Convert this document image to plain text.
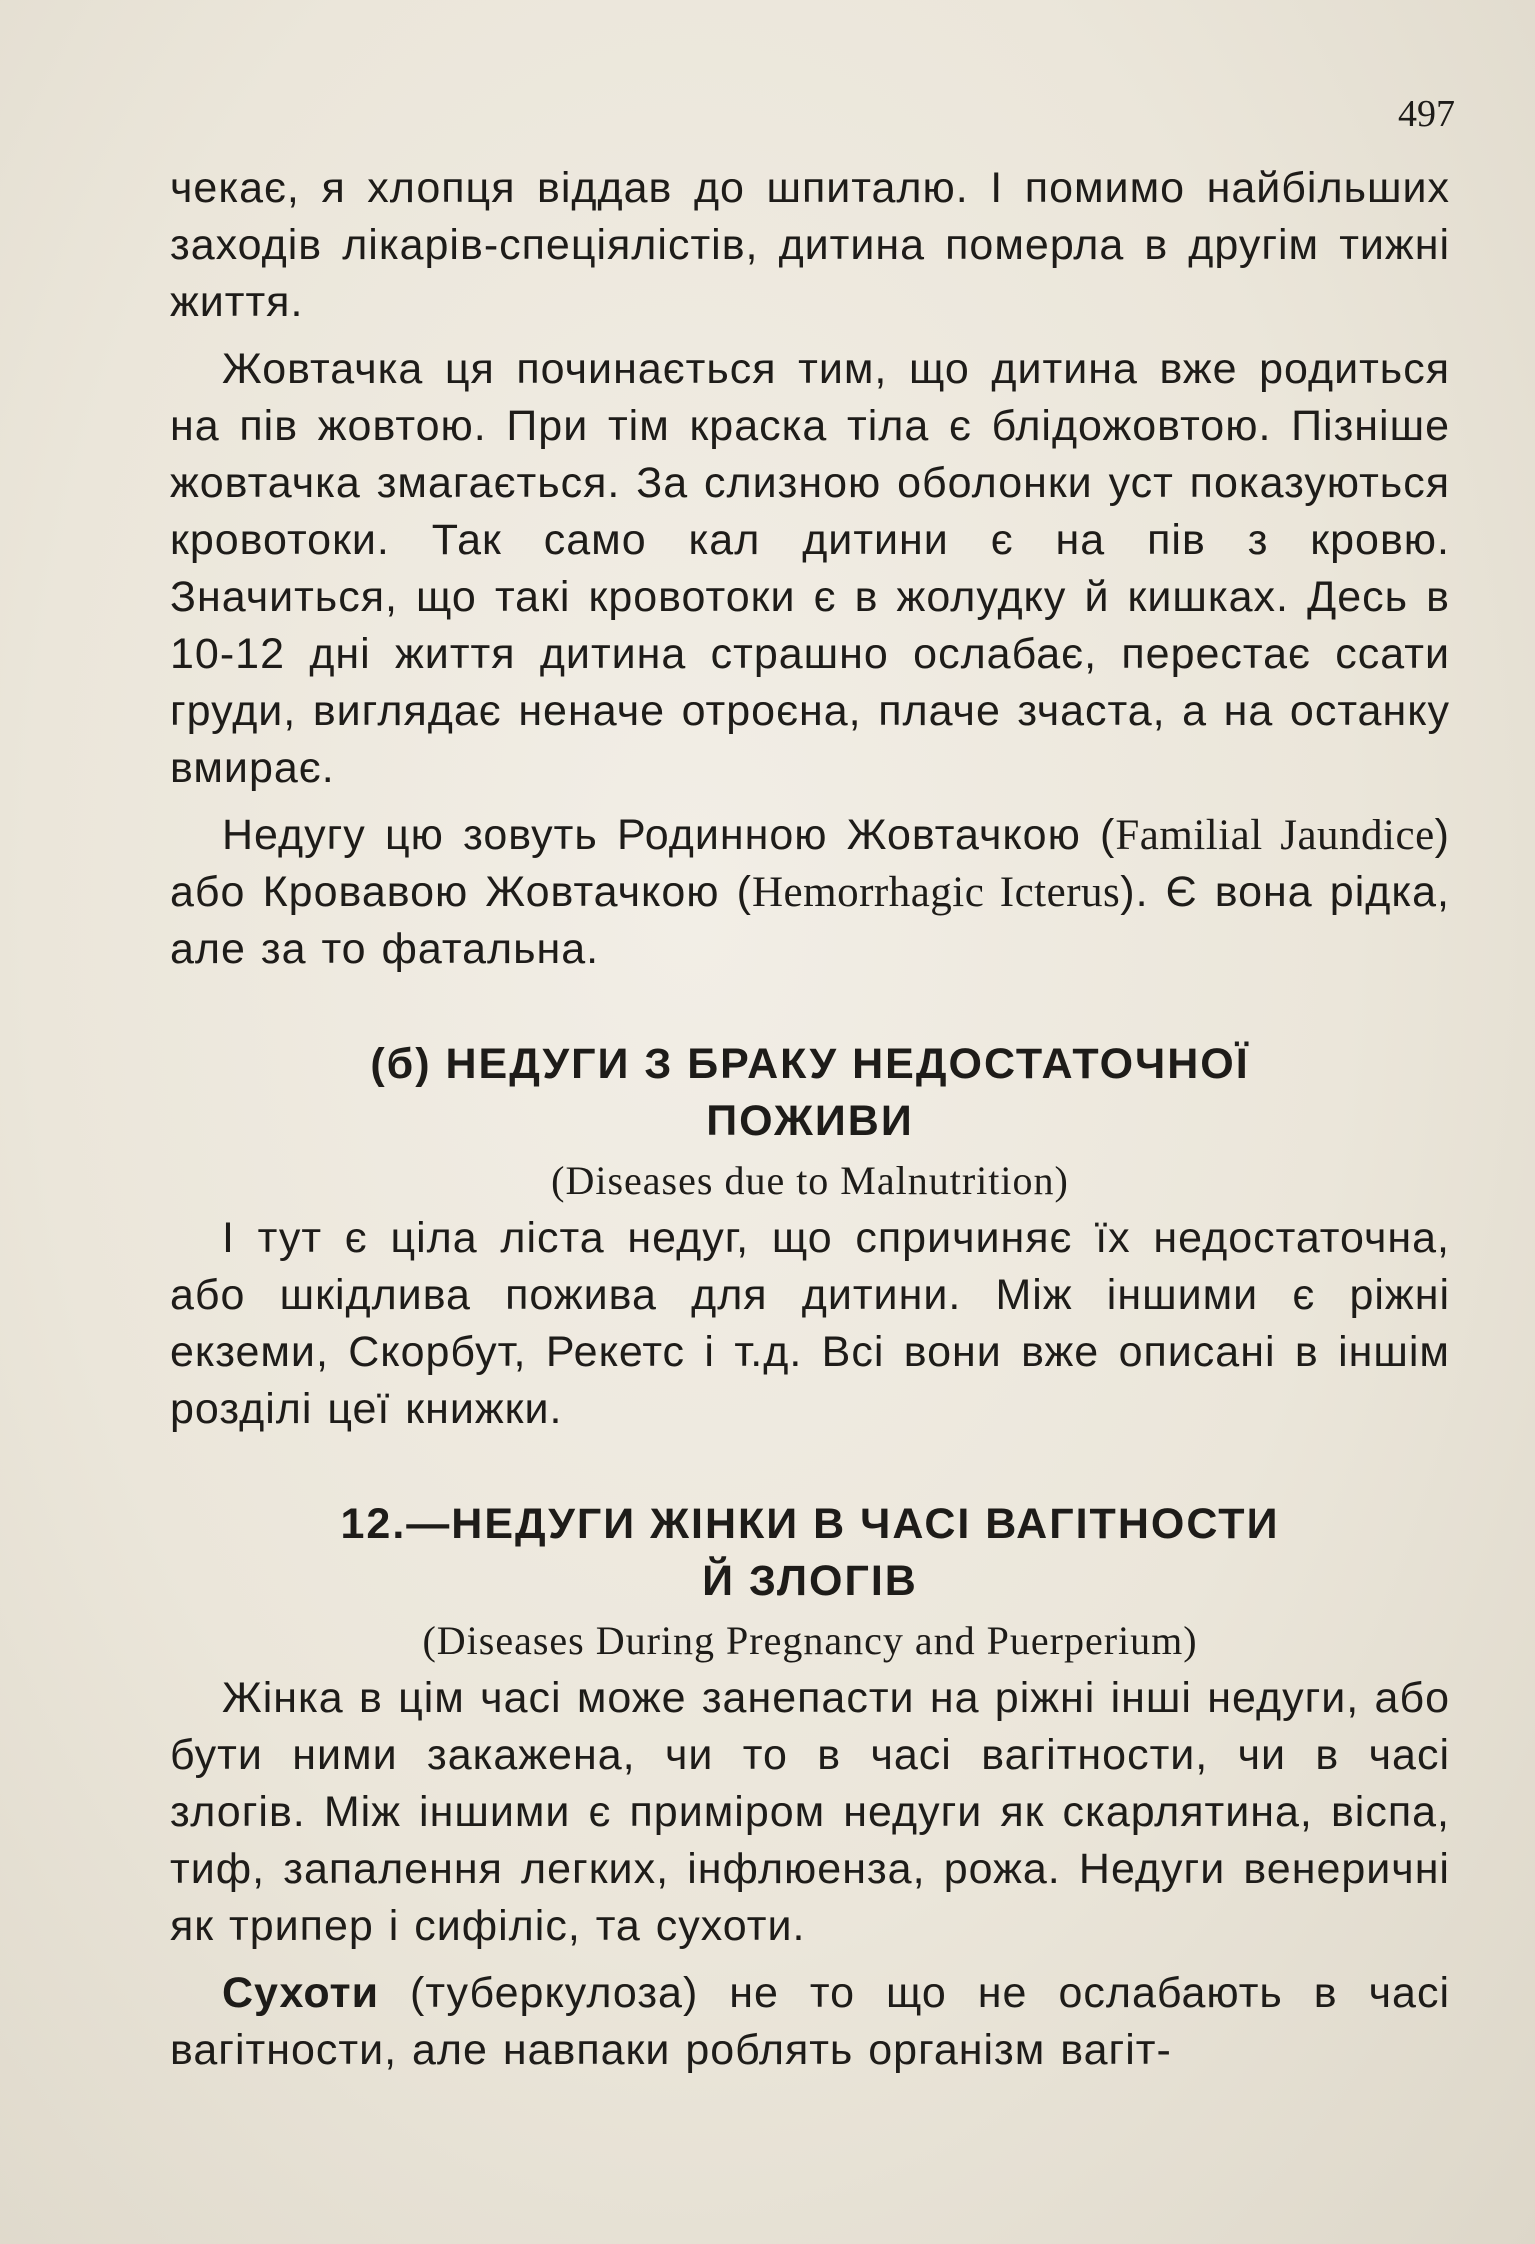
497

чекає, я хлопця віддав до шпиталю. І помимо найбільших заходів лікарів-спеціялістів, дитина померла в другім тижні життя.

Жовтачка ця починається тим, що дитина вже родиться на пів жовтою. При тім краска тіла є блідожовтою. Пізніше жовтачка змагається. За слизною оболонки уст показуються кровотоки. Так само кал дитини є на пів з кровю. Значиться, що такі кровотоки є в жолудку й кишках. Десь в 10-12 дні життя дитина страшно ослабає, перестає ссати груди, виглядає неначе отроєна, плаче зчаста, а на останку вмирає.

Недугу цю зовуть Родинною Жовтачкою (Familial Jaundice) або Кровавою Жовтачкою (Hemorrhagic Icterus). Є вона рідка, але за то фатальна.

(б) НЕДУГИ З БРАКУ НЕДОСТАТОЧНОЇ
ПОЖИВИ
(Diseases due to Malnutrition)

І тут є ціла ліста недуг, що спричиняє їх недостаточна, або шкідлива пожива для дитини. Між іншими є ріжні екземи, Скорбут, Рекетс і т.д. Всі вони вже описані в іншім розділі цеї книжки.

12.—НЕДУГИ ЖІНКИ В ЧАСІ ВАГІТНОСТИ
Й ЗЛОГІВ
(Diseases During Pregnancy and Puerperium)

Жінка в цім часі може занепасти на ріжні інші недуги, або бути ними закажена, чи то в часі вагітности, чи в часі злогів. Між іншими є приміром недуги як скарлятина, віспа, тиф, запалення легких, інфлюенза, рожа. Недуги венеричні як трипер і сифіліс, та сухоти.

Сухоти (туберкулоза) не то що не ослабають в часі вагітности, але навпаки роблять організм вагіт-
